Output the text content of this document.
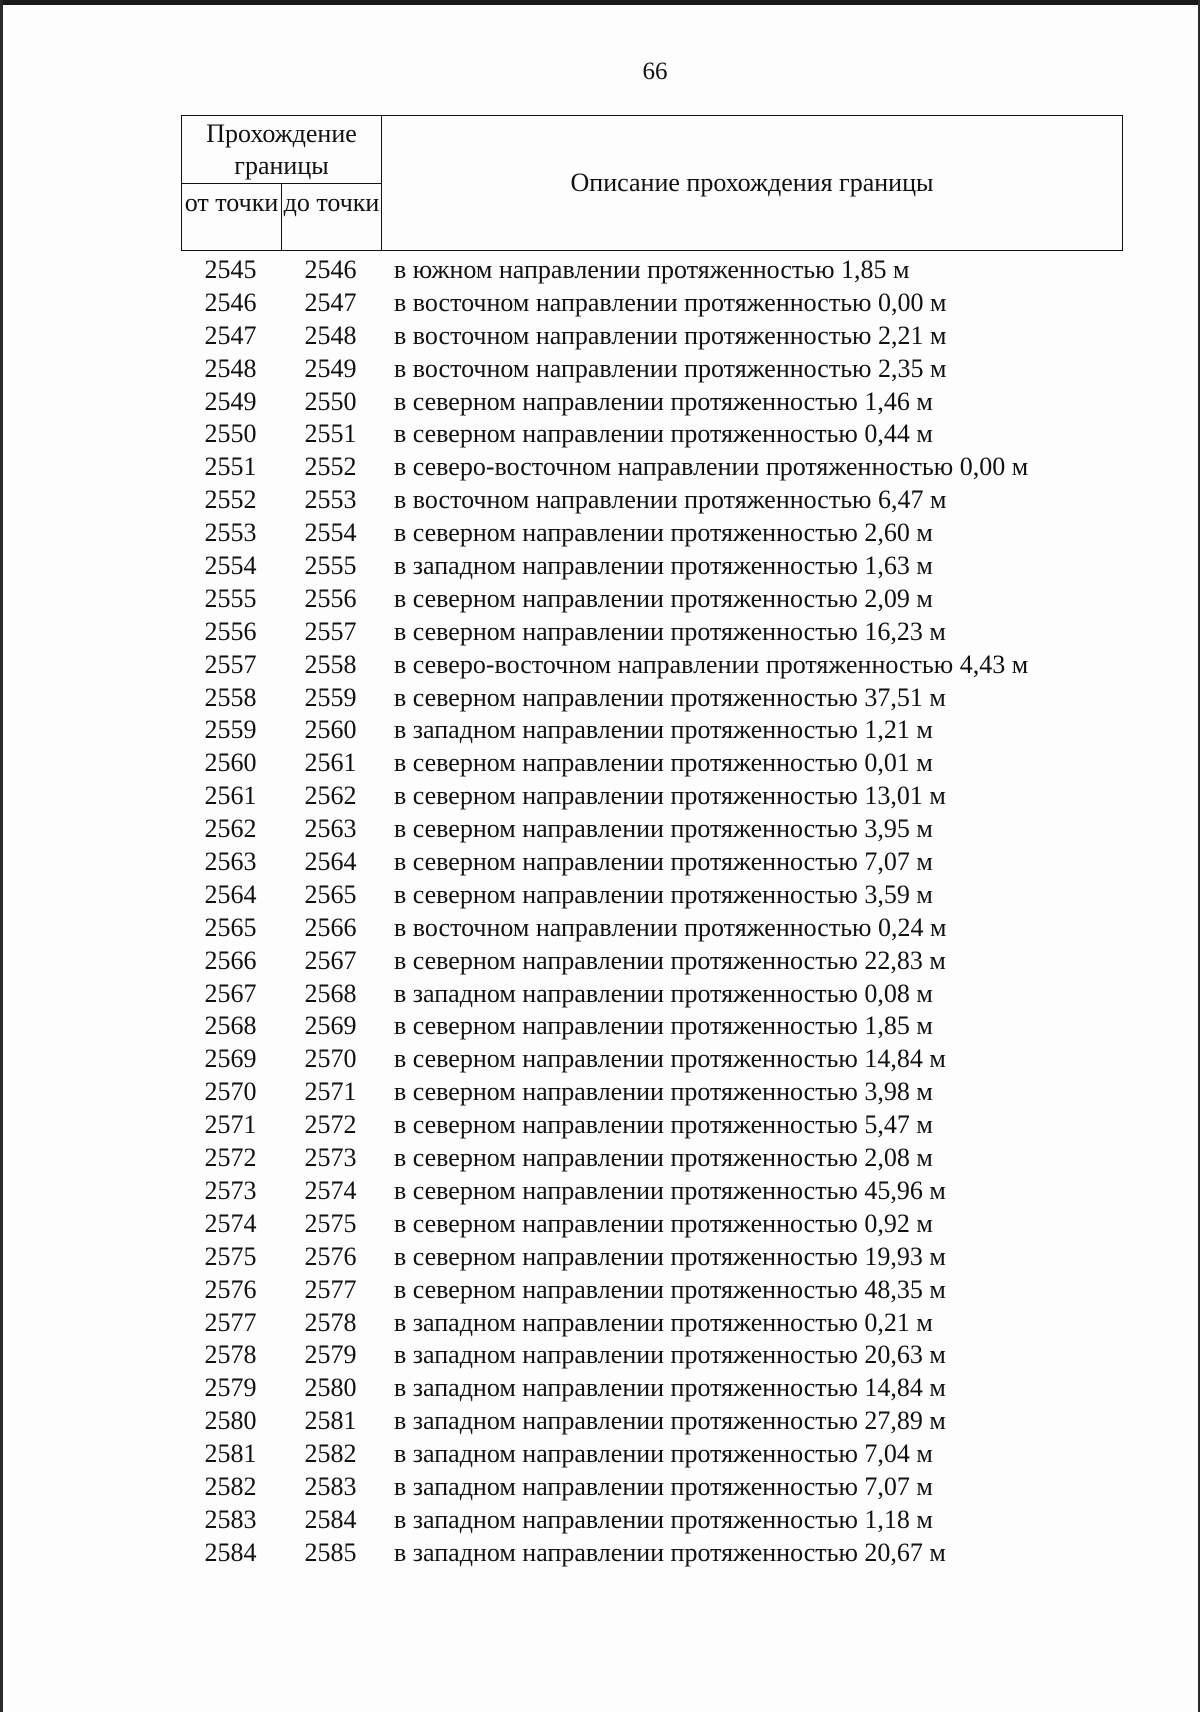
66
Прохождение границы
от точки до точки
Описание прохождения границы
2545	2546	в южном направлении протяженностью 1,85 м
2546	2547	в восточном направлении протяженностью 0,00 м
2547	2548	в восточном направлении протяженностью 2,21 м
2548	2549	в восточном направлении протяженностью 2,35 м
2549	2550	в северном направлении протяженностью 1,46 м
2550	2551	в северном направлении протяженностью 0,44 м
2551	2552	в северо-восточном направлении протяженностью 0,00 м
2552	2553	в восточном направлении протяженностью 6,47 м
2553	2554	в северном направлении протяженностью 2,60 м
2554	2555	в западном направлении протяженностью 1,63 м
2555	2556	в северном направлении протяженностью 2,09 м
2556	2557	в северном направлении протяженностью 16,23 м
2557	2558	в северо-восточном направлении протяженностью 4,43 м
2558	2559	в северном направлении протяженностью 37,51 м
2559	2560	в западном направлении протяженностью 1,21 м
2560	2561	в северном направлении протяженностью 0,01 м
2561	2562	в северном направлении протяженностью 13,01 м
2562	2563	в северном направлении протяженностью 3,95 м
2563	2564	в северном направлении протяженностью 7,07 м
2564	2565	в северном направлении протяженностью 3,59 м
2565	2566	в восточном направлении протяженностью 0,24 м
2566	2567	в северном направлении протяженностью 22,83 м
2567	2568	в западном направлении протяженностью 0,08 м
2568	2569	в северном направлении протяженностью 1,85 м
2569	2570	в северном направлении протяженностью 14,84 м
2570	2571	в северном направлении протяженностью 3,98 м
2571	2572	в северном направлении протяженностью 5,47 м
2572	2573	в северном направлении протяженностью 2,08 м
2573	2574	в северном направлении протяженностью 45,96 м
2574	2575	в северном направлении протяженностью 0,92 м
2575	2576	в северном направлении протяженностью 19,93 м
2576	2577	в северном направлении протяженностью 48,35 м
2577	2578	в западном направлении протяженностью 0,21 м
2578	2579	в западном направлении протяженностью 20,63 м
2579	2580	в западном направлении протяженностью 14,84 м
2580	2581	в западном направлении протяженностью 27,89 м
2581	2582	в западном направлении протяженностью 7,04 м
2582	2583	в западном направлении протяженностью 7,07 м
2583	2584	в западном направлении протяженностью 1,18 м
2584	2585	в западном направлении протяженностью 20,67 м
